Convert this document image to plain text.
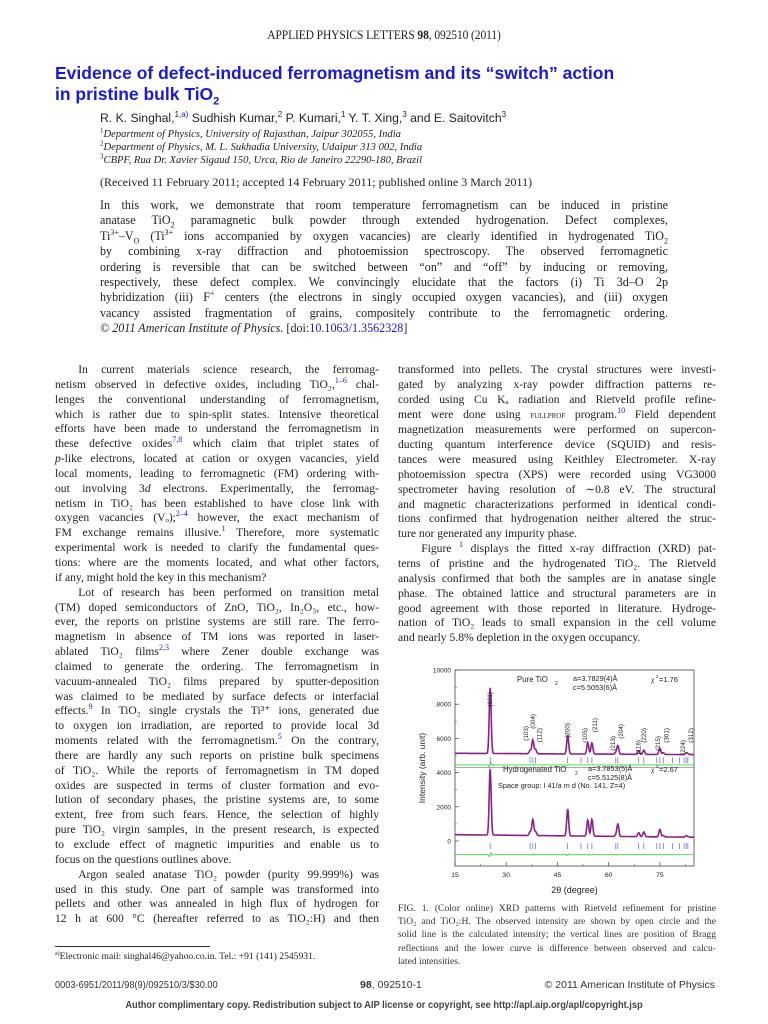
APPLIED PHYSICS LETTERS 98, 092510 (2011)
Evidence of defect-induced ferromagnetism and its “switch” action
in pristine bulk TiO$_2$
R. K. Singhal,$^{1,a)}$ Sudhish Kumar,$^2$ P. Kumari,$^1$ Y. T. Xing,$^3$ and E. Saitovitch$^3$
$^1$Department of Physics, University of Rajasthan, Jaipur 302055, India
$^2$Department of Physics, M. L. Sukhadia University, Udaipur 313 002, India
$^3$CBPF, Rua Dr. Xavier Sigaud 150, Urca, Rio de Janeiro 22290-180, Brazil
(Received 11 February 2011; accepted 14 February 2011; published online 3 March 2011)
In this work, we demonstrate that room temperature ferromagnetism can be induced in pristine
anatase TiO$_2$ paramagnetic bulk powder through extended hydrogenation. Defect complexes,
$Ti^{3+}-V_O$ ($Ti^{3+}$ ions accompanied by oxygen vacancies) are clearly identified in hydrogenated TiO$_2$
by combining x-ray diffraction and photoemission spectroscopy. The observed ferromagnetic
ordering is reversible that can be switched between “on” and “off” by inducing or removing,
respectively, these defect complex. We convincingly elucidate that the factors (i) Ti 3d–O 2p
hybridization (iii) F+ centers (the electrons in singly occupied oxygen vacancies), and (iii) oxygen
vacancy assisted fragmentation of grains, compositely contribute to the ferromagnetic ordering.
© 2011 American Institute of Physics. [doi:10.1063/1.3562328]
  In current materials science research, the ferromag-
netism observed in defective oxides, including TiO₂,$^{1-6}$ chal-
lenges the conventional understanding of ferromagnetism,
which is rather due to spin-split states. Intensive theoretical
efforts have been made to understand the ferromagnetism in
these defective oxides$^{7,8}$ which claim that triplet states of
p-like electrons, located at cation or oxygen vacancies, yield
local moments, leading to ferromagnetic (FM) ordering with-
out involving 3d electrons. Experimentally, the ferromag-
netism in TiO₂ has been established to have close link with
oxygen vacancies (Vₒ);$^{2-4}$ however, the exact mechanism of
FM exchange remains illusive.$^1$ Therefore, more systematic
experimental work is needed to clarify the fundamental ques-
tions: where are the moments located, and what other factors,
if any, might hold the key in this mechanism?
  Lot of research has been performed on transition metal
(TM) doped semiconductors of ZnO, TiO₂, In₂O₃, etc., how-
ever, the reports on pristine systems are still rare. The ferro-
magnetism in absence of TM ions was reported in laser-
ablated TiO₂ films$^{2,3}$ where Zener double exchange was
claimed to generate the ordering. The ferromagnetism in
vacuum-annealed TiO₂ films prepared by sputter-deposition
was claimed to be mediated by surface defects or interfacial
effects.$^9$ In TiO₂ single crystals the Ti³⁺ ions, generated due
to oxygen ion irradiation, are reported to provide local 3d
moments related with the ferromagnetism.$^5$ On the contrary,
there are hardly any such reports on pristine bulk specimens
of TiO₂. While the reports of ferromagnetism in TM doped
oxides are suspected in terms of cluster formation and evo-
lution of secondary phases, the pristine systems are, to some
extent, free from such fears. Hence, the selection of highly
pure TiO₂ virgin samples, in the present research, is expected
to exclude effect of magnetic impurities and enable us to
focus on the questions outlines above.
  Argon sealed anatase TiO₂ powder (purity 99.999%) was
used in this study. One part of sample was transformed into
pellets and other was annealed in high flux of hydrogen for
12 h at 600 °C (hereafter referred to as TiO₂:H) and then
transformed into pellets. The crystal structures were investi-
gated by analyzing x-ray powder diffraction patterns re-
corded using Cu Kₐ radiation and Rietveld profile refine-
ment were done using fullprof program.$^{10}$ Field dependent
magnetization measurements were performed on supercon-
ducting quantum interference device (SQUID) and resis-
tances were measured using Keithley Electrometer. X-ray
photoemission spectra (XPS) were recorded using VG3000
spectrometer having resolution of ∼0.8 eV. The structural
and magnetic characterizations performed in identical condi-
tions confirmed that hydrogenation neither altered the struc-
ture nor generated any impurity phase.
  Figure $^1$ displays the fitted x-ray diffraction (XRD) pat-
terns of pristine and the hydrogenated TiO₂. The Rietveld
analysis confirmed that both the samples are in anatase single
phase. The obtained lattice and structural parameters are in
good agreement with those reported in literature. Hydroge-
nation of TiO₂ leads to small expansion in the cell volume
and nearly 5.8% depletion in the oxygen occupancy.
0
2000
4000
6000
8000
10000
15	30	45	60	75
2θ (degree)
Intensity (arb. unit)
Pure TiO 2
a=3.7829(4)Å
c=5.5053(6)Å
χ 2 =1.76
Hydrogenated TiO 2
a=3.7853(5)Å
c=5.5125(8)Å
χ 2 =2.67
Space group: I 41/a m d (No. 141, Z=4)
(101)
(103)
(004)
(112)	(200) (105)
(211)
(213)
(204)
(116)
(220)
(215)
(301)
(224)
(312)
FIG. 1. (Color online) XRD patterns with Rietveld refinement for pristine
TiO₂ and TiO₂:H. The observed intensity are shown by open circle and the
solid line is the calculated intensity; the vertical lines are position of Bragg
reflections and the lower curve is difference between observed and calcu-
lated intensities.
$^{a)}$Electronic mail: singhal46@yahoo.co.in. Tel.: +91 (141) 2545931.
0003-6951/2011/98(9)/092510/3/$30.00	98, 092510-1	© 2011 American Institute of Physics
Author complimentary copy. Redistribution subject to AIP license or copyright, see http://apl.aip.org/apl/copyright.jsp
